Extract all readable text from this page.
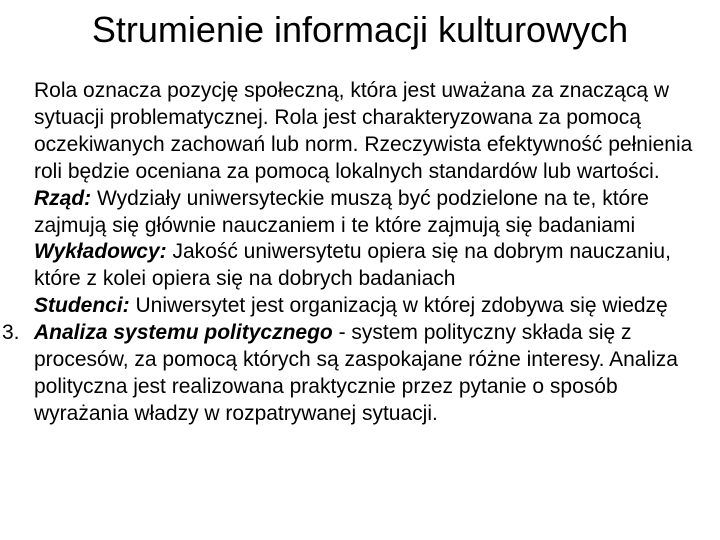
Strumienie informacji kulturowych
Rola oznacza pozycję społeczną, która jest uważana za znaczącą w sytuacji problematycznej. Rola jest charakteryzowana za pomocą oczekiwanych zachowań lub norm. Rzeczywista efektywność pełnienia roli będzie oceniana za pomocą lokalnych standardów lub wartości.
Rząd: Wydziały uniwersyteckie muszą być podzielone na te, które zajmują się głównie nauczaniem i te które zajmują się badaniami
Wykładowcy: Jakość uniwersytetu opiera się na dobrym nauczaniu, które z kolei opiera się na dobrych badaniach
Studenci: Uniwersytet jest organizacją w której zdobywa się wiedzę
3. Analiza systemu politycznego - system polityczny składa się z procesów, za pomocą których są zaspokajane różne interesy. Analiza polityczna jest realizowana praktycznie przez pytanie o sposób wyrażania władzy w rozpatrywanej sytuacji.
